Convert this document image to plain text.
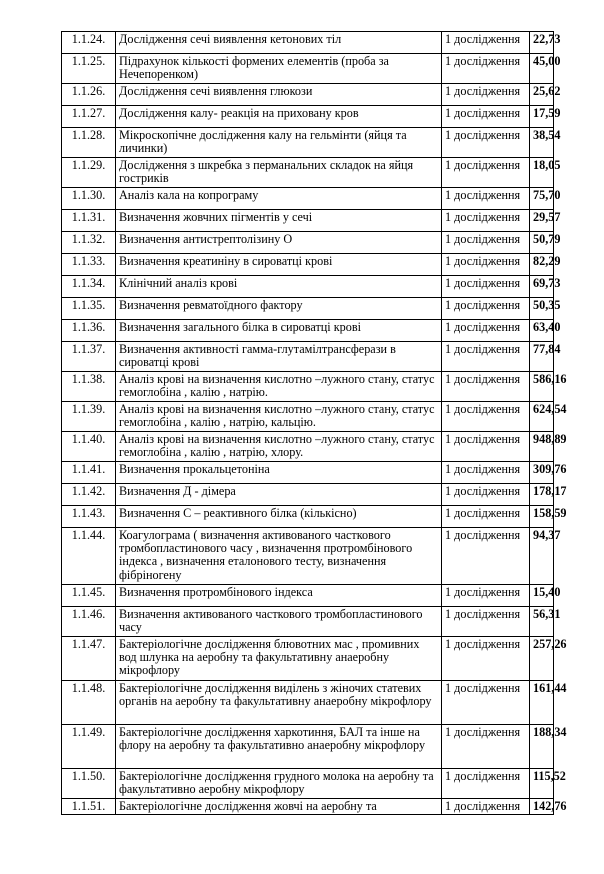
1.1.24.	Дослідження сечі виявлення кетонових тіл	1 дослідження	22,73
1.1.25.	Підрахунок кількості формених елементів (проба за Нечепоренком)	1 дослідження	45,00
1.1.26.	Дослідження сечі виявлення глюкози	1 дослідження	25,62
1.1.27.	Дослідження калу- реакція на приховану кров	1 дослідження	17,59
1.1.28.	Мікроскопічне дослідження калу на гельмінти (яйця та личинки)	1 дослідження	38,54
1.1.29.	Дослідження з шкребка з перманальних складок на яйця гостриків	1 дослідження	18,05
1.1.30.	Аналіз кала на копрограму	1 дослідження	75,70
1.1.31.	Визначення жовчних пігментів у сечі	1 дослідження	29,57
1.1.32.	Визначення антистрептолізину О	1 дослідження	50,79
1.1.33.	Визначення креатиніну в сироватці крові	1 дослідження	82,29
1.1.34.	Клінічний аналіз крові	1 дослідження	69,73
1.1.35.	Визначення ревматоїдного фактору	1 дослідження	50,35
1.1.36.	Визначення загального білка в сироватці крові	1 дослідження	63,40
1.1.37.	Визначення активності гамма-глутамілтрансферази в сироватці крові	1 дослідження	77,84
1.1.38.	Аналіз крові на визначення кислотно –лужного стану, статус гемоглобіна , калію , натрію.	1 дослідження	586,16
1.1.39.	Аналіз крові на визначення кислотно –лужного стану, статус гемоглобіна , калію , натрію, кальцію.	1 дослідження	624,54
1.1.40.	Аналіз крові на визначення кислотно –лужного стану, статус гемоглобіна , калію , натрію, хлору.	1 дослідження	948,89
1.1.41.	Визначення прокальцетоніна	1 дослідження	309,76
1.1.42.	Визначення Д - дімера	1 дослідження	178,17
1.1.43.	Визначення С – реактивного білка (кількісно)	1 дослідження	158,59
1.1.44.	Коагулограма ( визначення активованого часткового тромбопластинового часу , визначення протромбінового індекса , визначення еталонового тесту, визначення фібріногену	1 дослідження	94,37
1.1.45.	Визначення протромбінового індекса	1 дослідження	15,40
1.1.46.	Визначення активованого часткового тромбопластинового часу	1 дослідження	56,31
1.1.47.	Бактеріологічне дослідження блювотних мас , промивних вод шлунка на аеробну та факультативну анаеробну мікрофлору	1 дослідження	257,26
1.1.48.	Бактеріологічне дослідження виділень з жіночих статевих органів на аеробну та факультативну анаеробну мікрофлору	1 дослідження	161,44
1.1.49.	Бактеріологічне дослідження харкотиння, БАЛ та інше на флору на аеробну та факультативно анаеробну мікрофлору	1 дослідження	188,34
1.1.50.	Бактеріологічне дослідження грудного молока на аеробну та факультативно аеробну мікрофлору	1 дослідження	115,52
1.1.51.	Бактеріологічне дослідження жовчі на аеробну та	1 дослідження	142,76
